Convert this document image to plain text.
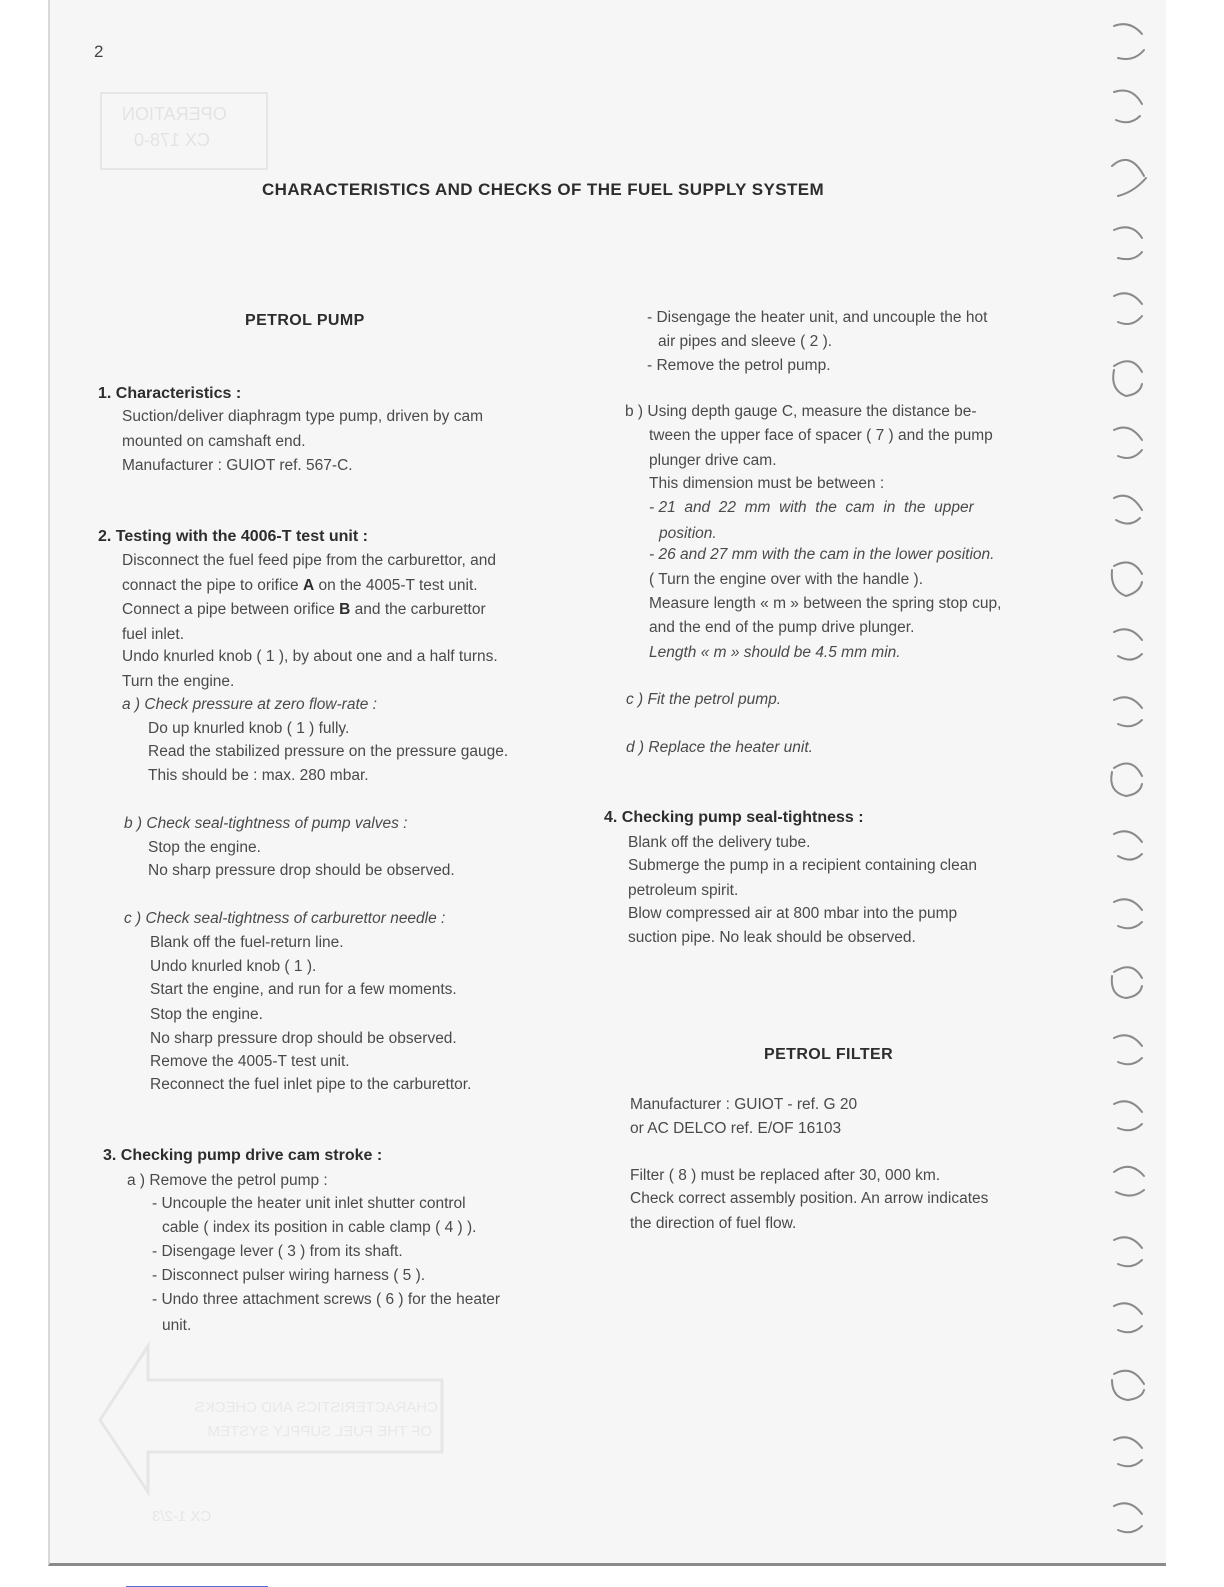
2
OPERATION
CX 178-0
CHARACTERISTICS AND CHECKS
OF THE FUEL SUPPLY SYSTEM
CX 1-2/3
CHARACTERISTICS AND CHECKS OF THE FUEL SUPPLY SYSTEM
PETROL PUMP
1. Characteristics :
Suction/deliver diaphragm type pump, driven by cam
mounted on camshaft end.
Manufacturer : GUIOT ref. 567-C.
2. Testing with the 4006-T test unit :
Disconnect the fuel feed pipe from the carburettor, and
connact the pipe to orifice A on the 4005-T test unit.
Connect a pipe between orifice B and the carburettor
fuel inlet.
Undo knurled knob ( 1 ), by about one and a half turns.
Turn the engine.
a ) Check pressure at zero flow-rate :
Do up knurled knob ( 1 ) fully.
Read the stabilized pressure on the pressure gauge.
This should be : max. 280 mbar.
b ) Check seal-tightness of pump valves :
Stop the engine.
No sharp pressure drop should be observed.
c ) Check seal-tightness of carburettor needle :
Blank off the fuel-return line.
Undo knurled knob ( 1 ).
Start the engine, and run for a few moments.
Stop the engine.
No sharp pressure drop should be observed.
Remove the 4005-T test unit.
Reconnect the fuel inlet pipe to the carburettor.
3. Checking pump drive cam stroke :
a ) Remove the petrol pump :
- Uncouple the heater unit inlet shutter control
cable ( index its position in cable clamp ( 4 ) ).
- Disengage lever ( 3 ) from its shaft.
- Disconnect pulser wiring harness ( 5 ).
- Undo three attachment screws ( 6 ) for the heater
unit.
- Disengage the heater unit, and uncouple the hot
air pipes and sleeve ( 2 ).
- Remove the petrol pump.
b ) Using depth gauge C, measure the distance be-
tween the upper face of spacer ( 7 ) and the pump
plunger drive cam.
This dimension must be between :
- 21  and  22  mm  with  the  cam  in  the  upper
position.
- 26 and 27 mm with the cam in the lower position.
( Turn the engine over with the handle ).
Measure length « m » between the spring stop cup,
and the end of the pump drive plunger.
Length « m » should be 4.5 mm min.
c ) Fit the petrol pump.
d ) Replace the heater unit.
4. Checking pump seal-tightness :
Blank off the delivery tube.
Submerge the pump in a recipient containing clean
petroleum spirit.
Blow compressed air at 800 mbar into the pump
suction pipe. No leak should be observed.
PETROL FILTER
Manufacturer : GUIOT - ref. G 20
or AC DELCO ref. E/OF 16103
Filter ( 8 ) must be replaced after 30, 000 km.
Check correct assembly position. An arrow indicates
the direction of fuel flow.
